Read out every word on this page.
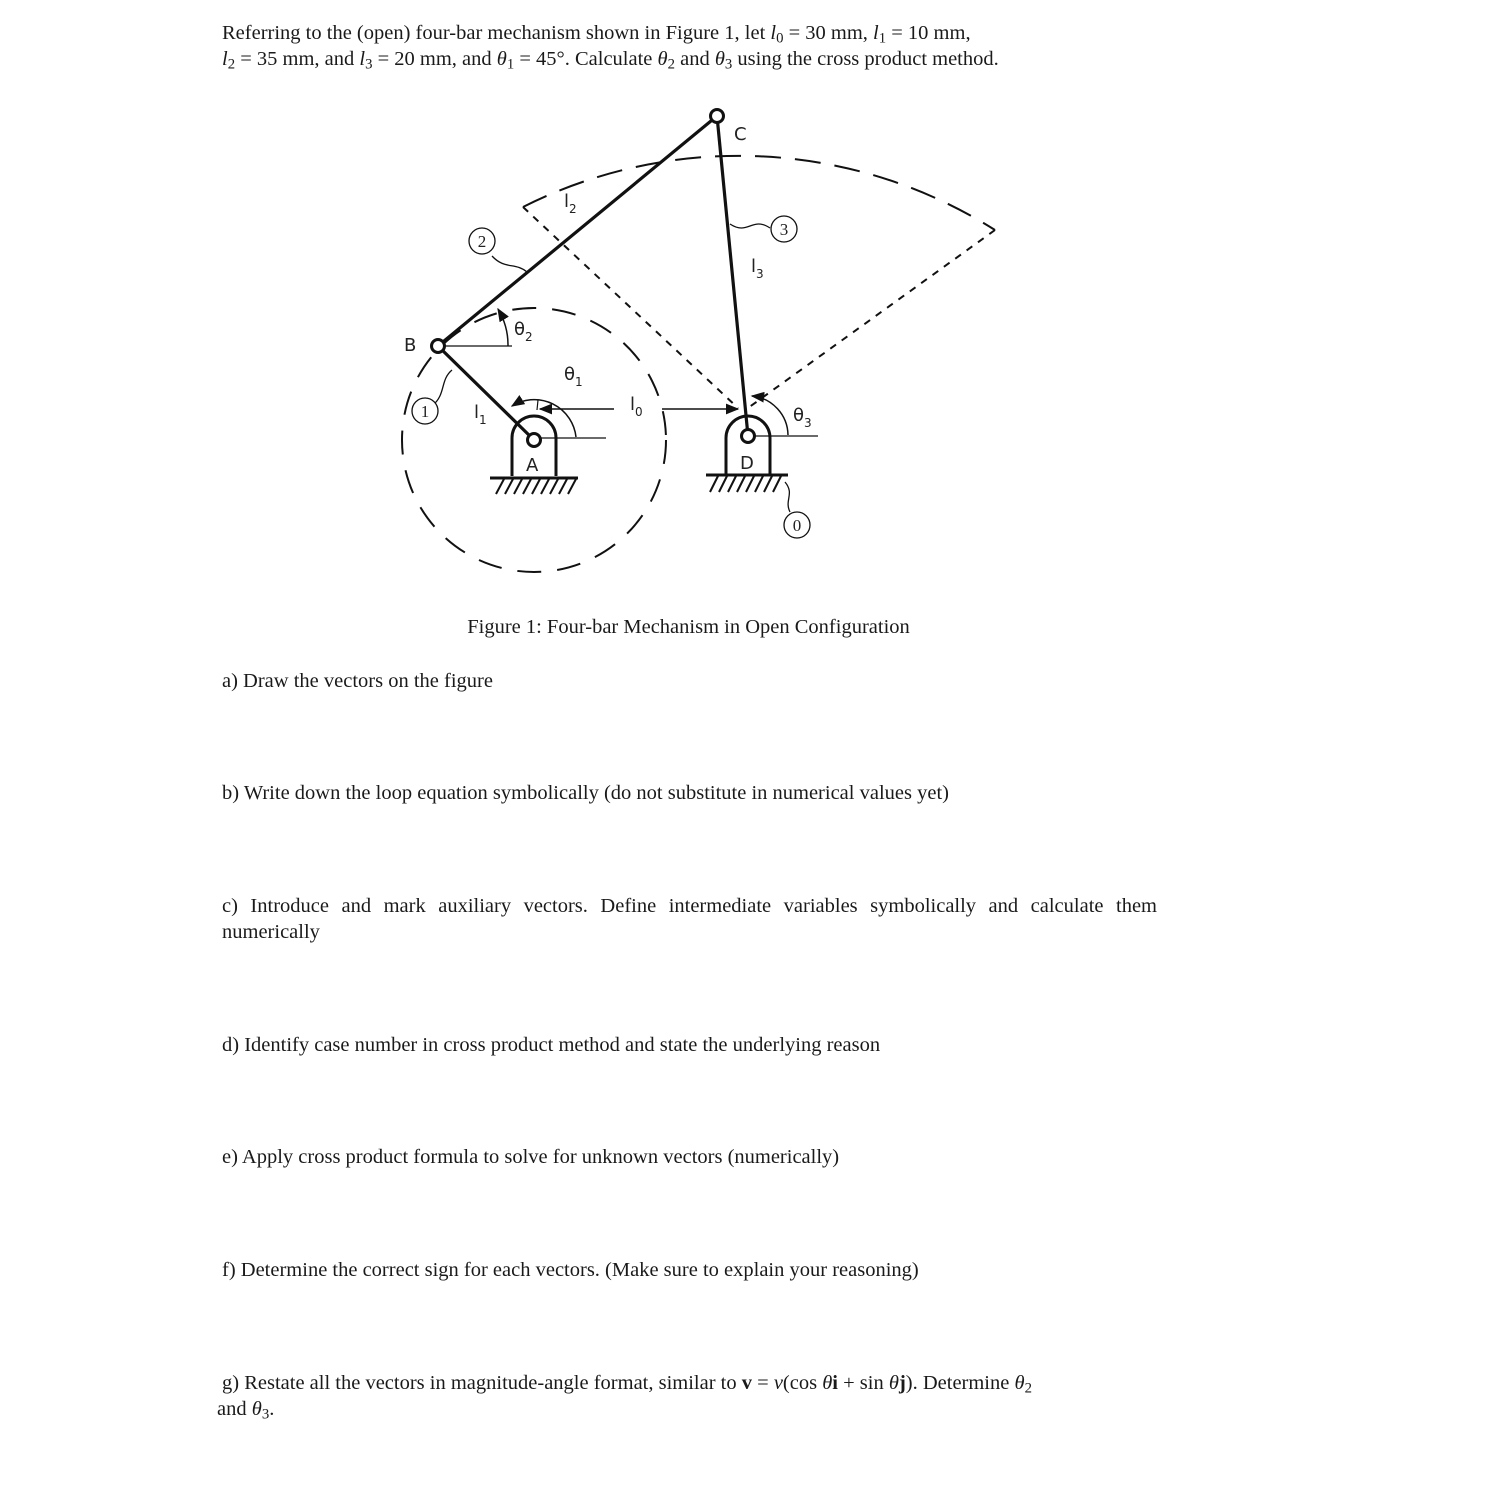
Referring to the (open) four-bar mechanism shown in Figure 1, let $l_0 = 30$ mm, $l_1 = 10$ mm,
$l_2 = 35$ mm, and $l_3 = 20$ mm, and $\theta_1 = 45^\circ$. Calculate $\theta_2$ and $\theta_3$ using the cross product method.
A
B
C
D
$l_2$
$l_3$
$l_1$
$l_0$
$\theta_2$
$\theta_1$
$\theta_3$
2
3
1
0
Figure 1: Four-bar Mechanism in Open Configuration
a) Draw the vectors on the figure
b) Write down the loop equation symbolically (do not substitute in numerical values yet)
c) Introduce and mark auxiliary vectors. Define intermediate variables symbolically and calculate them numerically
d) Identify case number in cross product method and state the underlying reason
e) Apply cross product formula to solve for unknown vectors (numerically)
f) Determine the correct sign for each vectors. (Make sure to explain your reasoning)
g) Restate all the vectors in magnitude-angle format, similar to v = v(cos θi + sin θj). Determine $\theta_2$
and $\theta_3$.
